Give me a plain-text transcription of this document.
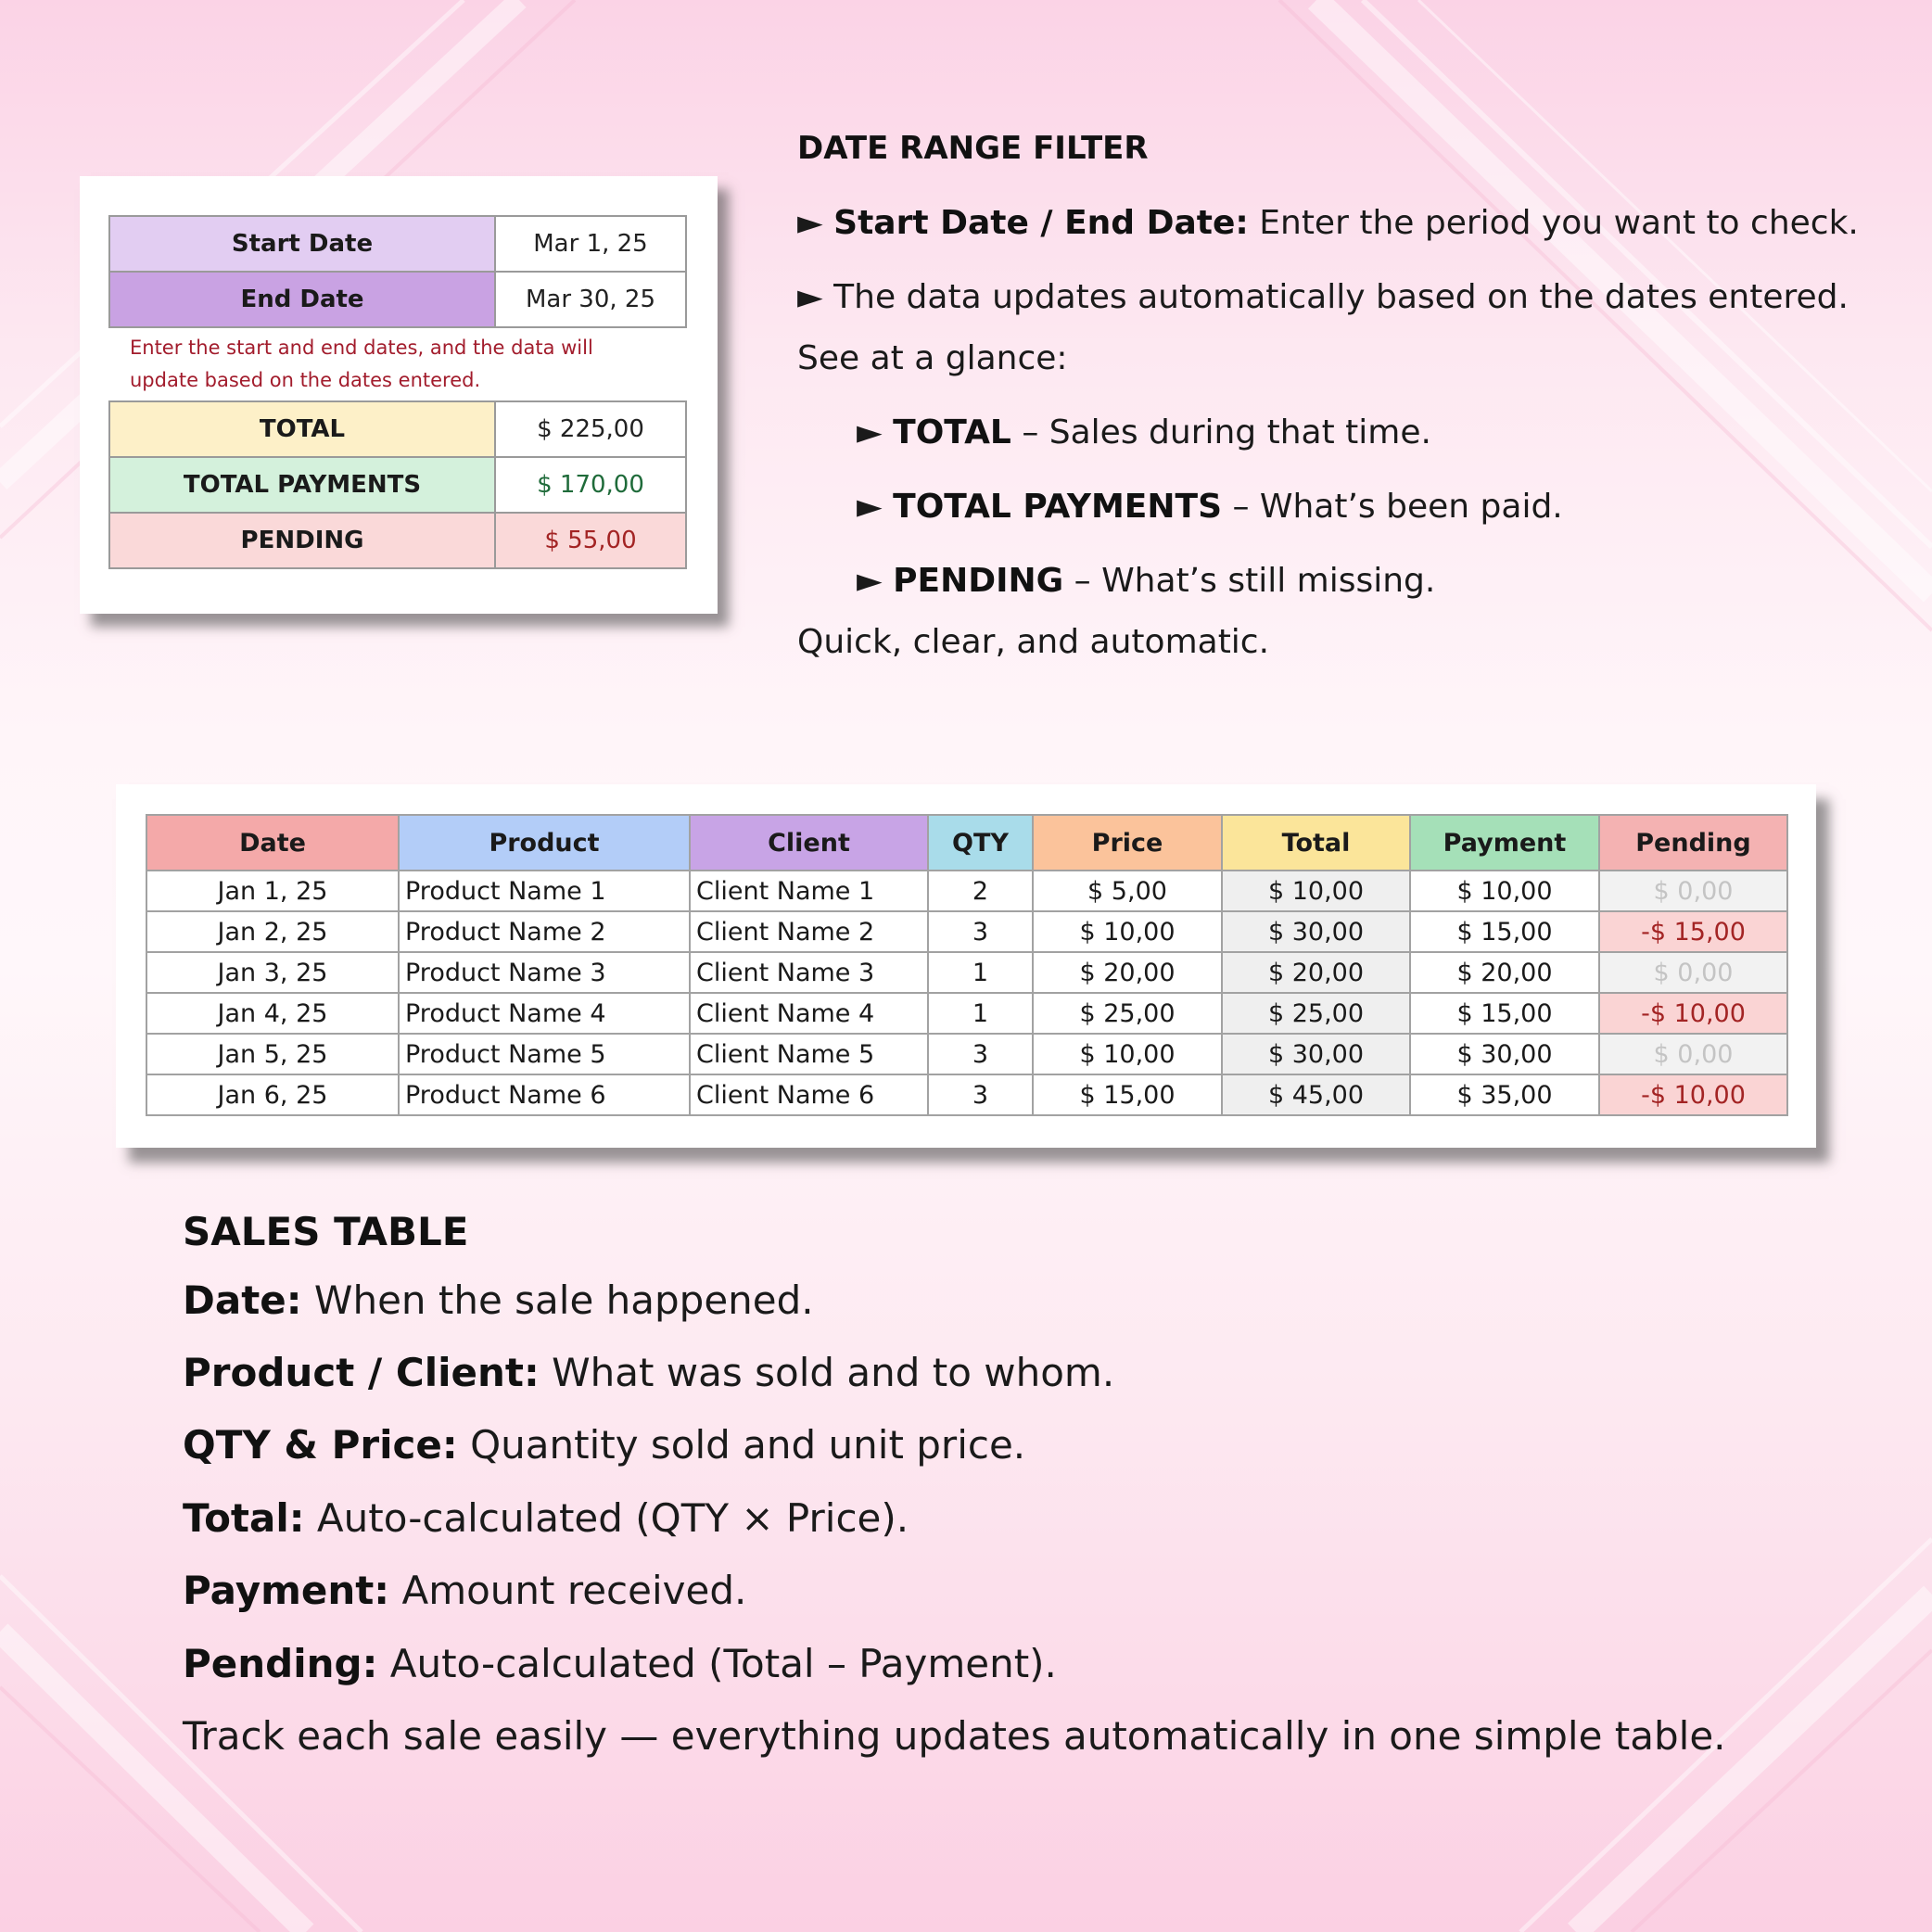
Start Date	Mar 1, 25
End Date	Mar 30, 25
Enter the start and end dates, and the data will
update based on the dates entered.
TOTAL	$ 225,00
TOTAL PAYMENTS	$ 170,00
PENDING	$ 55,00
DATE RANGE FILTER
► Start Date / End Date: Enter the period you want to check.
► The data updates automatically based on the dates entered.
See at a glance:
► TOTAL – Sales during that time.
► TOTAL PAYMENTS – What’s been paid.
► PENDING – What’s still missing.
Quick, clear, and automatic.
Date	Product	Client	QTY	Price	Total	Payment	Pending
Jan 1, 25	Product Name 1	Client Name 1	2	$ 5,00	$ 10,00	$ 10,00	$ 0,00
Jan 2, 25	Product Name 2	Client Name 2	3	$ 10,00	$ 30,00	$ 15,00	-$ 15,00
Jan 3, 25	Product Name 3	Client Name 3	1	$ 20,00	$ 20,00	$ 20,00	$ 0,00
Jan 4, 25	Product Name 4	Client Name 4	1	$ 25,00	$ 25,00	$ 15,00	-$ 10,00
Jan 5, 25	Product Name 5	Client Name 5	3	$ 10,00	$ 30,00	$ 30,00	$ 0,00
Jan 6, 25	Product Name 6	Client Name 6	3	$ 15,00	$ 45,00	$ 35,00	-$ 10,00
SALES TABLE
Date: When the sale happened.
Product / Client: What was sold and to whom.
QTY & Price: Quantity sold and unit price.
Total: Auto-calculated (QTY × Price).
Payment: Amount received.
Pending: Auto-calculated (Total – Payment).
Track each sale easily — everything updates automatically in one simple table.
